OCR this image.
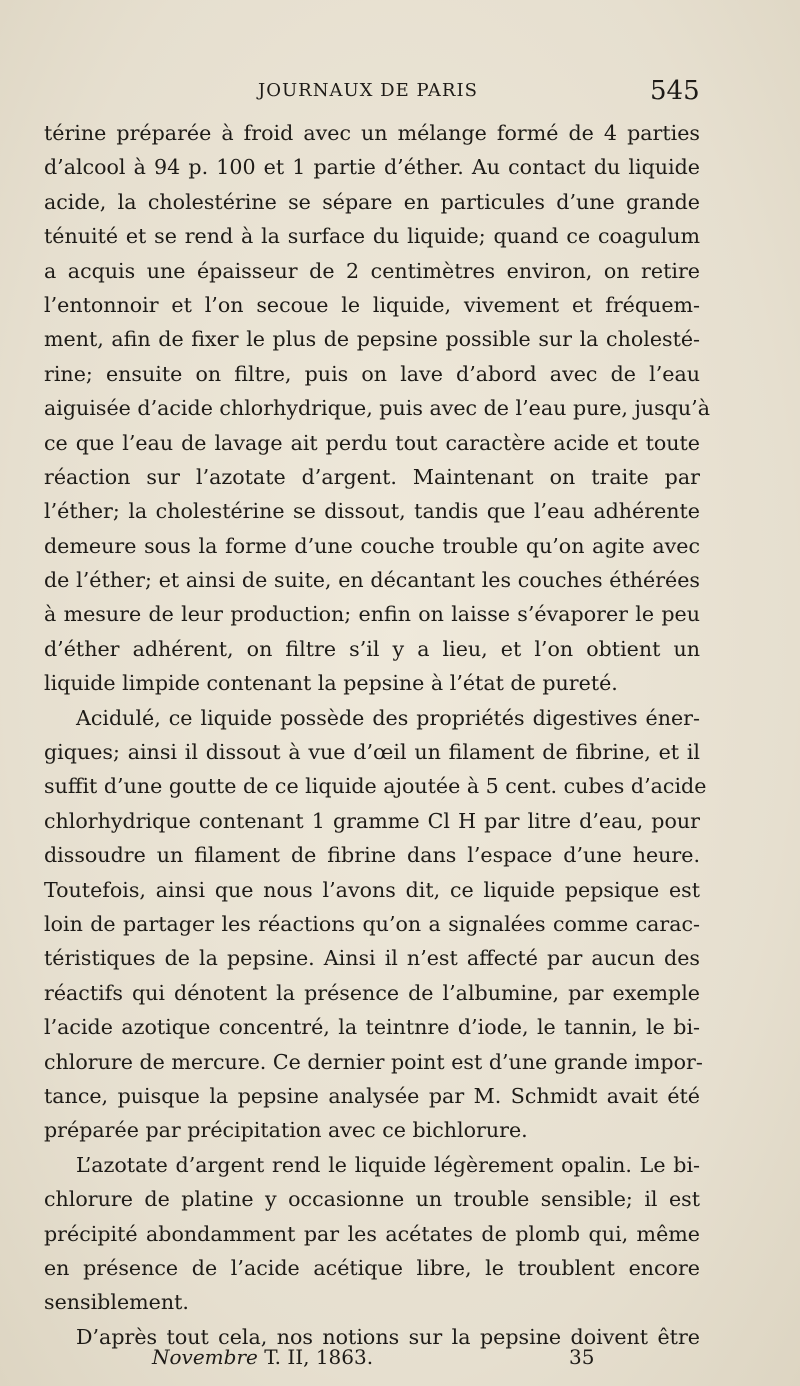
JOURNAUX DE PARIS	545
térine préparée à froid avec un mélange formé de 4 parties
d’alcool à 94 p. 100 et 1 partie d’éther. Au contact du liquide
acide, la cholestérine se sépare en particules d’une grande
ténuité et se rend à la surface du liquide; quand ce coagulum
a acquis une épaisseur de 2 centimètres environ, on retire
l’entonnoir et l’on secoue le liquide, vivement et fréquem-
ment, afin de fixer le plus de pepsine possible sur la cholesté-
rine; ensuite on filtre, puis on lave d’abord avec de l’eau
aiguisée d’acide chlorhydrique, puis avec de l’eau pure, jusqu’à
ce que l’eau de lavage ait perdu tout caractère acide et toute
réaction sur l’azotate d’argent. Maintenant on traite par
l’éther; la cholestérine se dissout, tandis que l’eau adhérente
demeure sous la forme d’une couche trouble qu’on agite avec
de l’éther; et ainsi de suite, en décantant les couches éthérées
à mesure de leur production; enfin on laisse s’évaporer le peu
d’éther adhérent, on filtre s’il y a lieu, et l’on obtient un
liquide limpide contenant la pepsine à l’état de pureté.
Acidulé, ce liquide possède des propriétés digestives éner-
giques; ainsi il dissout à vue d’œil un filament de fibrine, et il
suffit d’une goutte de ce liquide ajoutée à 5 cent. cubes d’acide
chlorhydrique contenant 1 gramme Cl H par litre d’eau, pour
dissoudre un filament de fibrine dans l’espace d’une heure.
Toutefois, ainsi que nous l’avons dit, ce liquide pepsique est
loin de partager les réactions qu’on a signalées comme carac-
téristiques de la pepsine. Ainsi il n’est affecté par aucun des
réactifs qui dénotent la présence de l’albumine, par exemple
l’acide azotique concentré, la teintnre d’iode, le tannin, le bi-
chlorure de mercure. Ce dernier point est d’une grande impor-
tance, puisque la pepsine analysée par M. Schmidt avait été
préparée par précipitation avec ce bichlorure.
L’azotate d’argent rend le liquide légèrement opalin. Le bi-
chlorure de platine y occasionne un trouble sensible; il est
précipité abondamment par les acétates de plomb qui, même
en présence de l’acide acétique libre, le troublent encore
sensiblement.
D’après tout cela, nos notions sur la pepsine doivent être
Novembre T. II, 1863.	35
